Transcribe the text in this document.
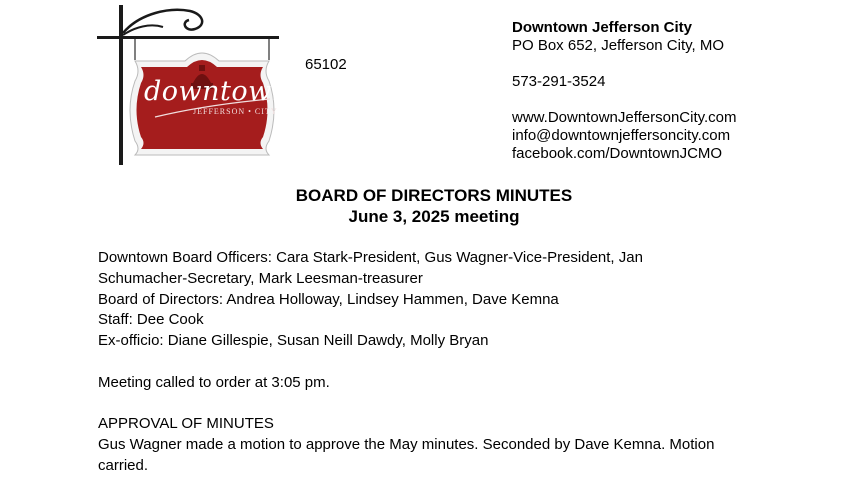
downtown
JEFFERSON • CITY
65102
Downtown Jefferson City
PO Box 652, Jefferson City, MO
573-291-3524
www.DowntownJeffersonCity.com
info@downtownjeffersoncity.com
facebook.com/DowntownJCMO
BOARD OF DIRECTORS MINUTES
June 3, 2025 meeting

Downtown Board Officers: Cara Stark-President, Gus Wagner-Vice-President, Jan

Schumacher-Secretary, Mark Leesman-treasurer

Board of Directors: Andrea Holloway, Lindsey Hammen, Dave Kemna

Staff: Dee Cook

Ex-officio: Diane Gillespie, Susan Neill Dawdy, Molly Bryan

Meeting called to order at 3:05 pm.

APPROVAL OF MINUTES

Gus Wagner made a motion to approve the May minutes. Seconded by Dave Kemna. Motion

carried.
